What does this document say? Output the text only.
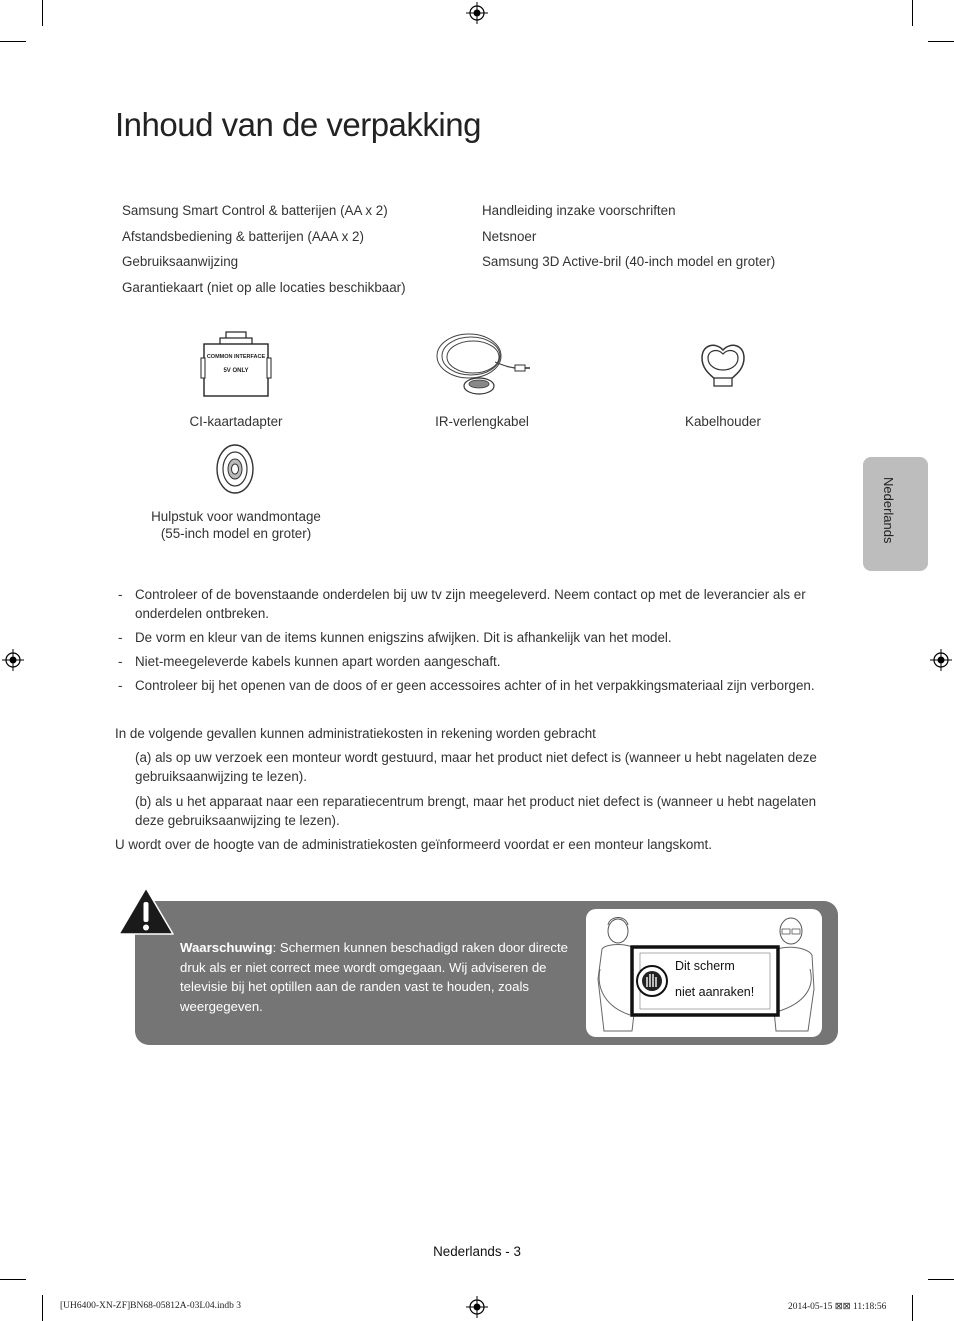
Inhoud van de verpakking
Samsung Smart Control & batterijen (AA x 2)
Afstandsbediening & batterijen (AAA x 2)
Gebruiksaanwijzing
Garantiekaart (niet op alle locaties beschikbaar)
Handleiding inzake voorschriften
Netsnoer
Samsung 3D Active-bril (40-inch model en groter)
COMMON INTERFACE
5V ONLY
CI-kaartadapter	IR-verlengkabel	Kabelhouder
Hulpstuk voor wandmontage
(55-inch model en groter)	Nederlands
- Controleer of de bovenstaande onderdelen bij uw tv zijn meegeleverd. Neem contact op met de leverancier als er onderdelen ontbreken.
- De vorm en kleur van de items kunnen enigszins afwijken. Dit is afhankelijk van het model.
- Niet-meegeleverde kabels kunnen apart worden aangeschaft.
- Controleer bij het openen van de doos of er geen accessoires achter of in het verpakkingsmateriaal zijn verborgen.
In de volgende gevallen kunnen administratiekosten in rekening worden gebracht
(a) als op uw verzoek een monteur wordt gestuurd, maar het product niet defect is (wanneer u hebt nagelaten deze gebruiksaanwijzing te lezen).
(b) als u het apparaat naar een reparatiecentrum brengt, maar het product niet defect is (wanneer u hebt nagelaten deze gebruiksaanwijzing te lezen).
U wordt over de hoogte van de administratiekosten geïnformeerd voordat er een monteur langskomt.
Waarschuwing: Schermen kunnen beschadigd raken door directe druk als er niet correct mee wordt omgegaan. Wij adviseren de televisie bij het optillen aan de randen vast te houden, zoals weergegeven.
Dit scherm
niet aanraken!
Nederlands - 3
[UH6400-XN-ZF]BN68-05812A-03L04.indb 3	2014-05-15 ⊠⊠ 11:18:56
